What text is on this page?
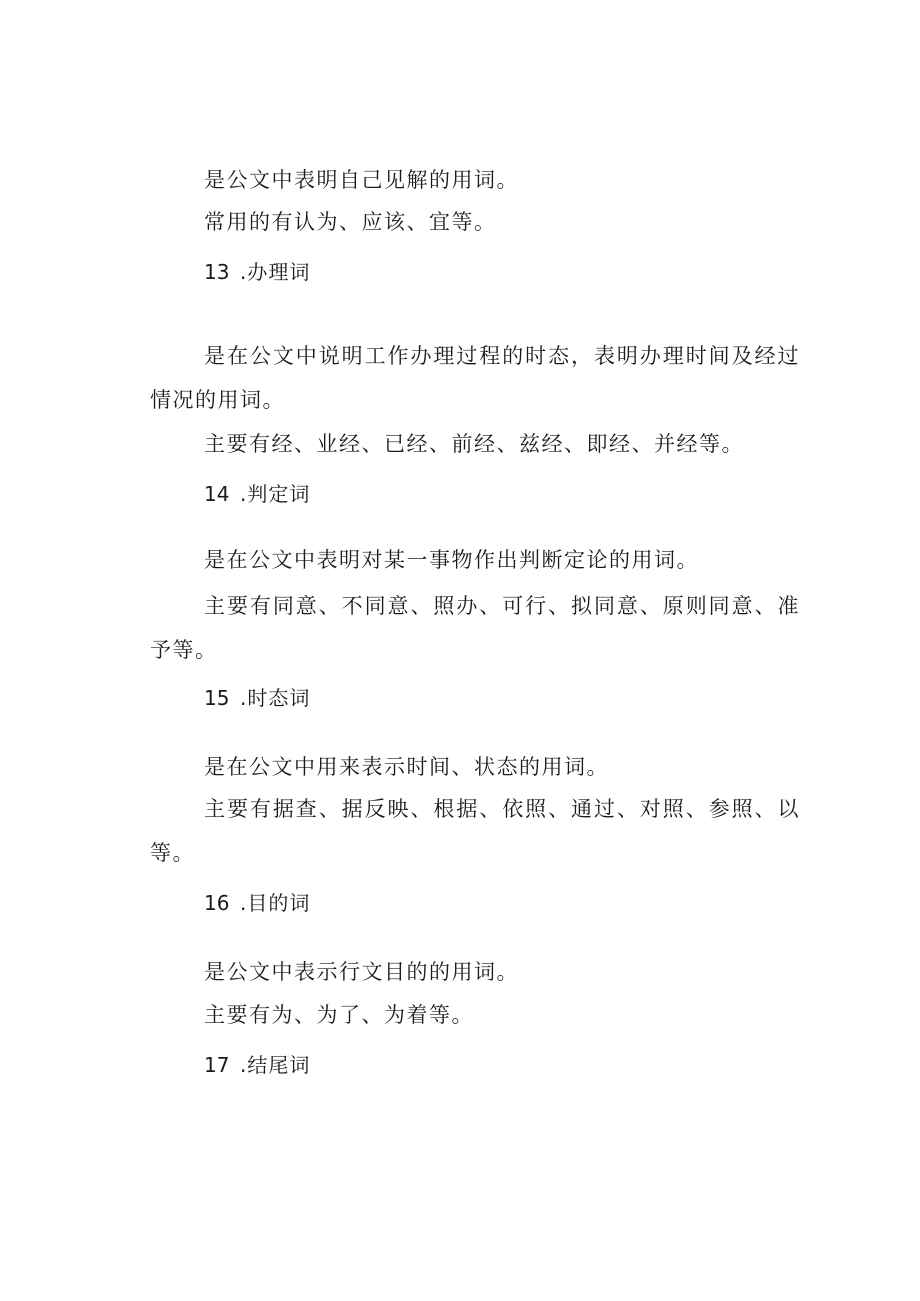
是公文中表明自己见解的用词。
常用的有认为、应该、宜等。
13 .办理词
是在公文中说明工作办理过程的时态，表明办理时间及经过情况的用词。
主要有经、业经、已经、前经、兹经、即经、并经等。
14 .判定词
是在公文中表明对某一事物作出判断定论的用词。
主要有同意、不同意、照办、可行、拟同意、原则同意、准予等。
15 .时态词
是在公文中用来表示时间、状态的用词。
主要有据查、据反映、根据、依照、通过、对照、参照、以等。
16 .目的词
是公文中表示行文目的的用词。
主要有为、为了、为着等。
17 .结尾词
